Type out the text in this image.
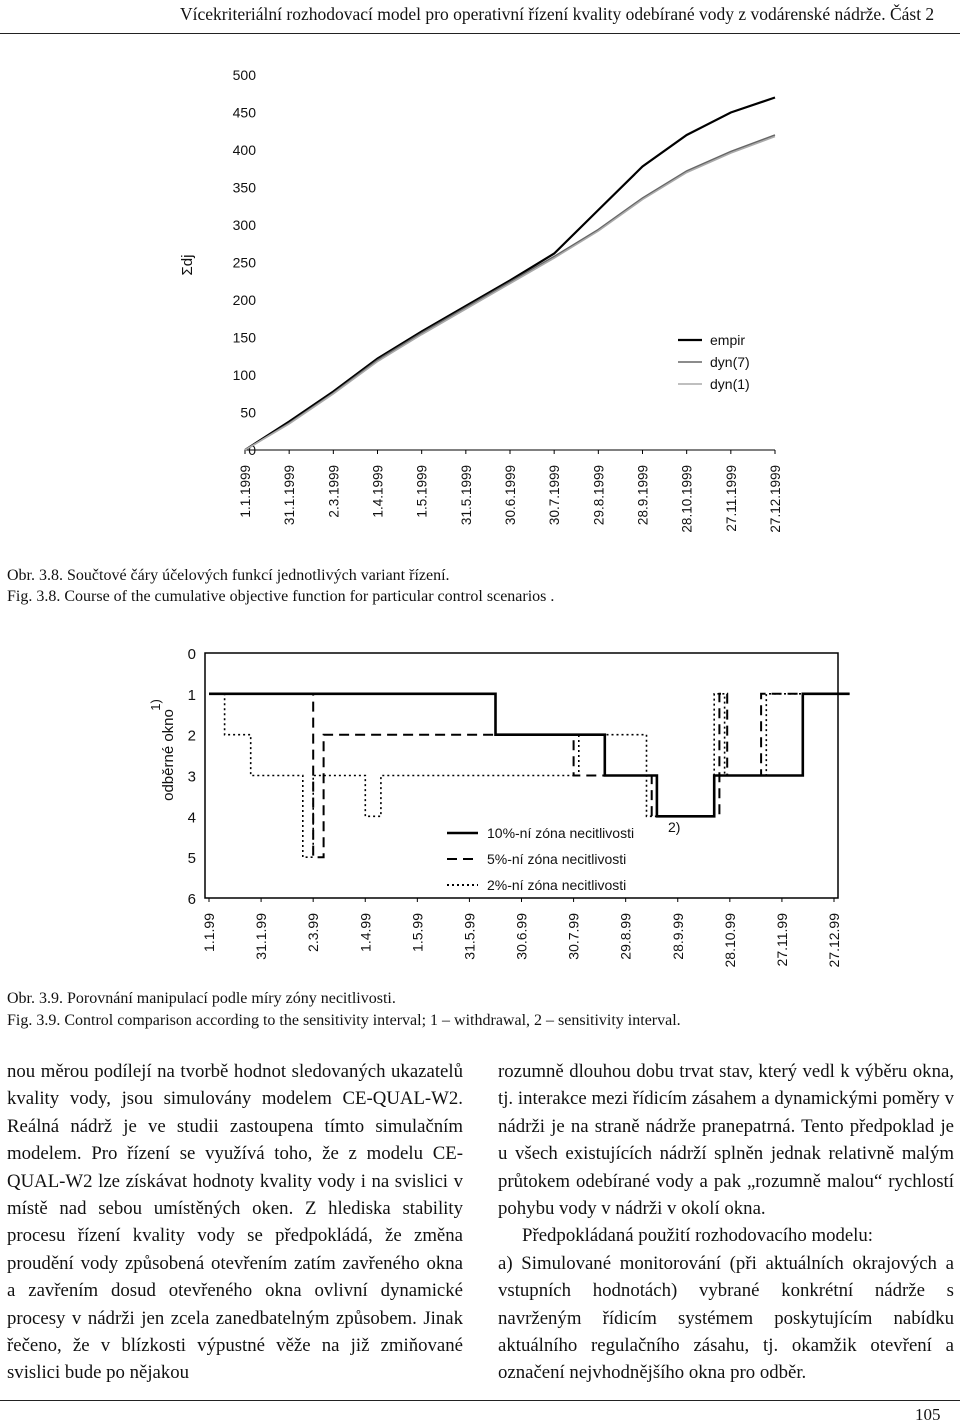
Vícekriteriální rozhodovací model pro operativní řízení kvality odebírané vody z vodárenské nádrže. Část 2
0
50
100
150
200
250
300
350
400
450
500
Σdj
1.1.1999 31.1.1999 2.3.1999 1.4.1999 1.5.1999 31.5.1999 30.6.1999 30.7.1999 29.8.1999 28.9.1999 28.10.1999 27.11.1999 27.12.1999
empir
dyn(7)
dyn(1)
Obr. 3.8. Součtové čáry účelových funkcí jednotlivých variant řízení.
Fig. 3.8. Course of the cumulative objective function for particular control scenarios .
0
1
2
3
4
5
6
odběrné okno
1)
1.1.99	31.1.99	2.3.99	1.4.99	1.5.99	31.5.99	30.6.99	30.7.99	29.8.99	28.9.99	28.10.99	27.11.99	27.12.99
10%-ní zóna necitlivosti
5%-ní zóna necitlivosti
2%-ní zóna necitlivosti
2)
Obr. 3.9. Porovnání manipulací podle míry zóny necitlivosti.
Fig. 3.9. Control comparison according to the sensitivity interval; 1 – withdrawal, 2 – sensitivity interval.

nou měrou podílejí na tvorbě hodnot sledovaných ukazatelů kvality vody, jsou simulovány modelem CE-QUAL-W2. Reálná nádrž je ve studii zastoupena tímto simulačním modelem. Pro řízení se využívá toho, že z modelu CE-QUAL-W2 lze získávat hodnoty kvality vody i na svislici v místě nad sebou umístěných oken. Z hlediska stability procesu řízení kvality vody se předpokládá, že změna proudění vody způsobená otevřením zatím zavřeného okna a zavřením dosud otevřeného okna ovlivní dynamické procesy v nádrži jen zcela zanedbatelným způsobem. Jinak řečeno, že v blízkosti výpustné věže na již zmiňované svislici bude po nějakou

rozumně dlouhou dobu trvat stav, který vedl k výběru okna, tj. interakce mezi řídicím zásahem a dynamickými poměry v nádrži je na straně nádrže pranepatrná. Tento předpoklad je u všech existujících nádrží splněn jednak relativně malým průtokem odebírané vody a pak „rozumně malou“ rychlostí pohybu vody v nádrži v okolí okna.

Předpokládaná použití rozhodovacího modelu:

a) Simulované monitorování (při aktuálních okrajových a vstupních hodnotách) vybrané konkrétní nádrže s navrženým řídicím systémem poskytujícím nabídku aktuálního regulačního zásahu, tj. okamžik otevření a označení nejvhodnějšího okna pro odběr.

105
